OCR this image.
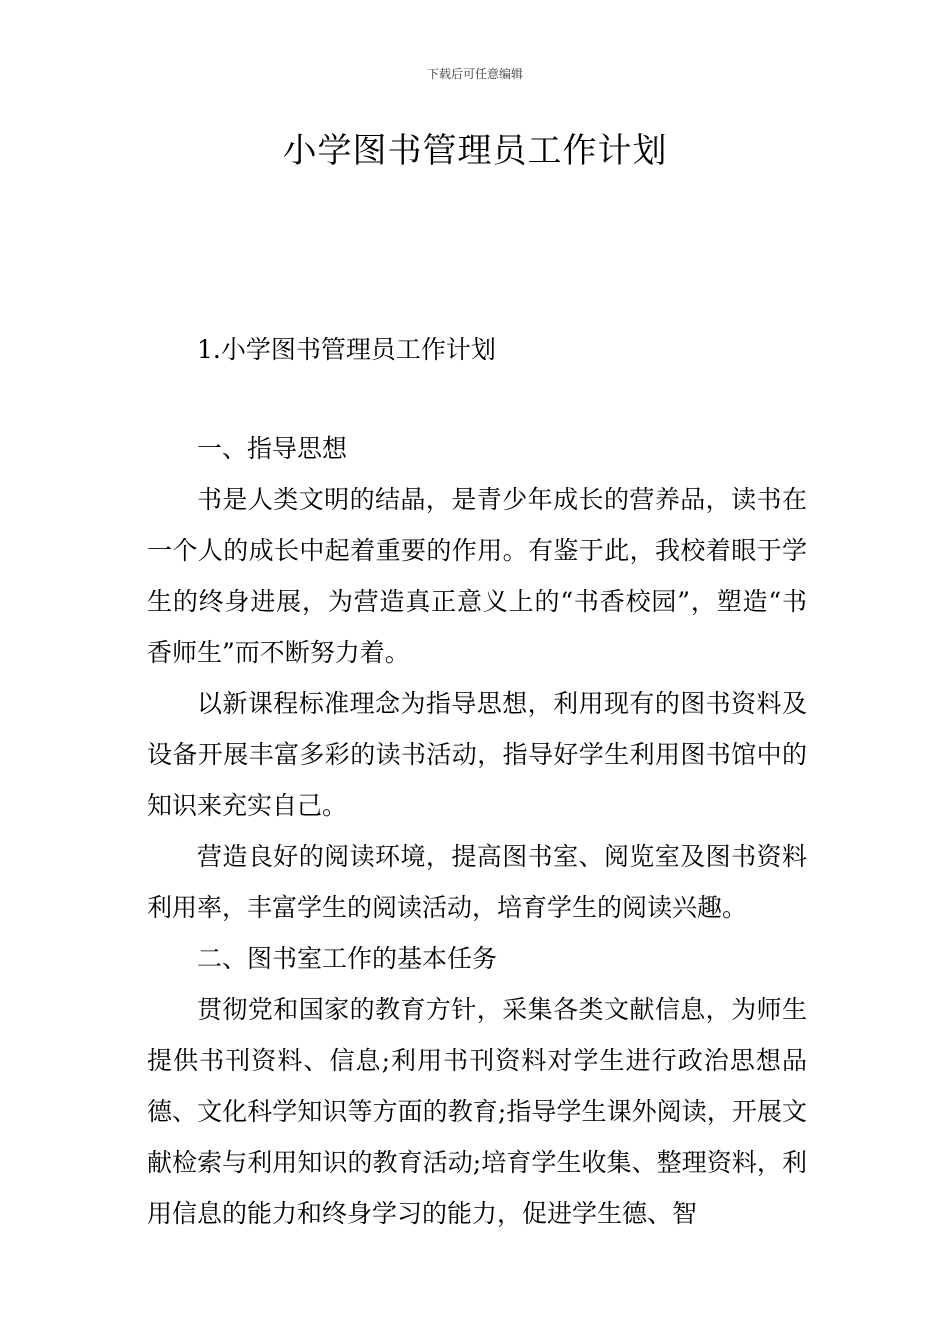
下载后可任意编辑
小学图书管理员工作计划

1.小学图书管理员工作计划

一、指导思想

书是人类文明的结晶，是青少年成长的营养品，读书在一个人的成长中起着重要的作用。有鉴于此，我校着眼于学生的终身进展，为营造真正意义上的“书香校园”，塑造“书香师生”而不断努力着。

以新课程标准理念为指导思想，利用现有的图书资料及设备开展丰富多彩的读书活动，指导好学生利用图书馆中的知识来充实自己。

营造良好的阅读环境，提高图书室、阅览室及图书资料利用率，丰富学生的阅读活动，培育学生的阅读兴趣。

二、图书室工作的基本任务

贯彻党和国家的教育方针，采集各类文献信息，为师生提供书刊资料、信息;利用书刊资料对学生进行政治思想品德、文化科学知识等方面的教育;指导学生课外阅读，开展文献检索与利用知识的教育活动;培育学生收集、整理资料，利用信息的能力和终身学习的能力，促进学生德、智
